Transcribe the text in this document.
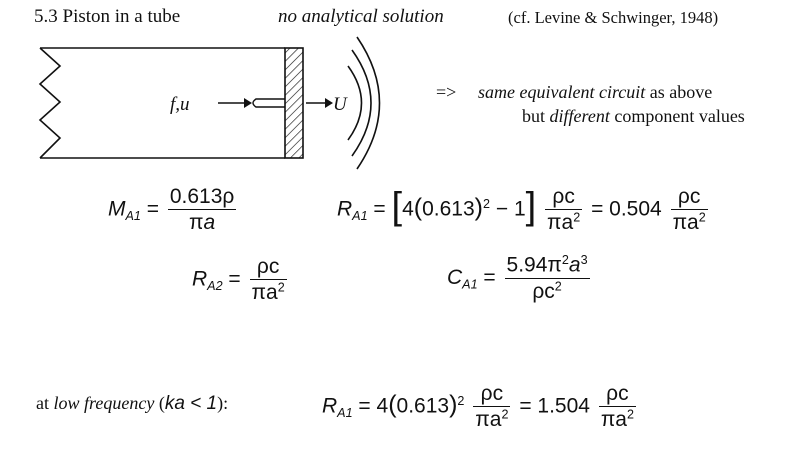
5.3 Piston in a tube	no analytical solution	(cf. Levine & Schwinger, 1948)
f,u	U
=> same equivalent circuit as above
but different component values
$M_{A1} = \frac{0.613\rho}{\pi a}$	$R_{A1} = [4(0.613)^2 - 1] \frac{\rho c}{\pi a^2} = 0.504 \frac{\rho c}{\pi a^2}$
$R_{A2} = \frac{\rho c}{\pi a^2}$	$C_{A1} = \frac{5.94\pi^2a^3}{\rho c^2}$
at low frequency (ka < 1):	$R_{A1} = 4(0.613)^2 \frac{\rho c}{\pi a^2} = 1.504 \frac{\rho c}{\pi a^2}$
